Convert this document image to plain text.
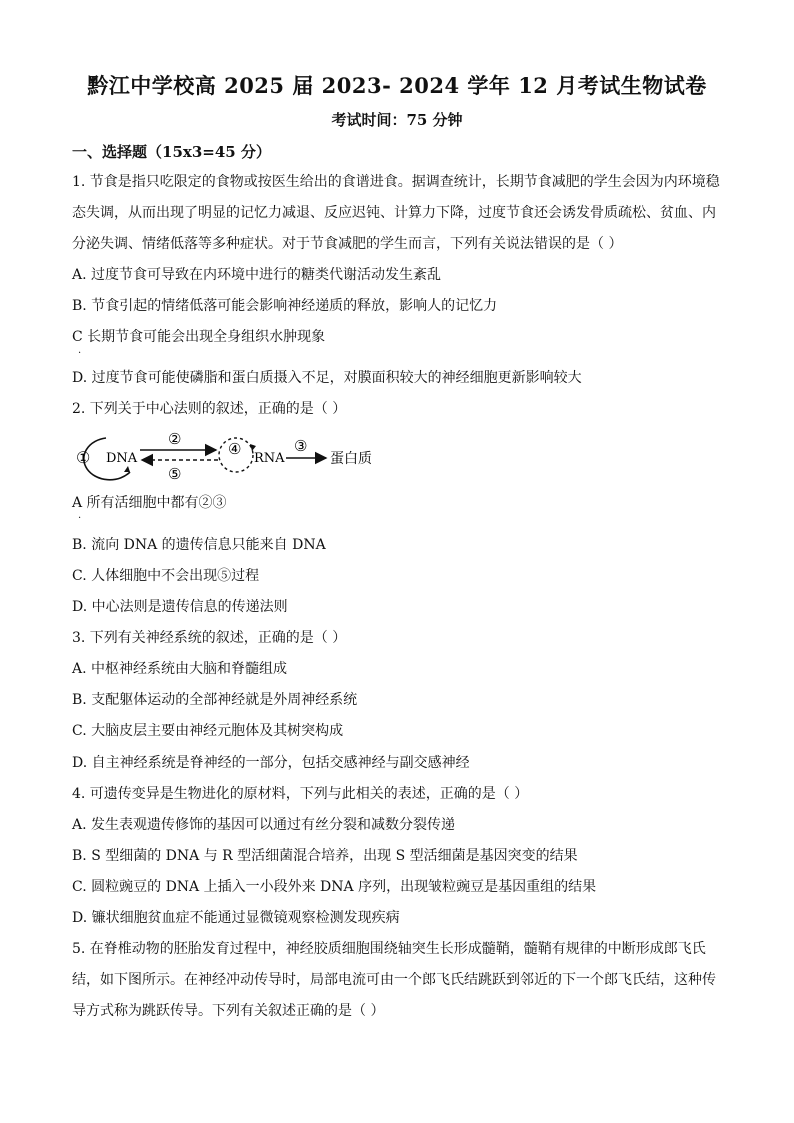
黔江中学校高 2025 届 2023- 2024 学年 12 月考试生物试卷
考试时间：75 分钟
一、选择题（15x3=45 分）
1. 节食是指只吃限定的食物或按医生给出的食谱进食。据调查统计，长期节食减肥的学生会因为内环境稳
态失调，从而出现了明显的记忆力减退、反应迟钝、计算力下降，过度节食还会诱发骨质疏松、贫血、内
分泌失调、情绪低落等多种症状。对于节食减肥的学生而言，下列有关说法错误的是（ ）
A. 过度节食可导致在内环境中进行的糖类代谢活动发生紊乱
B. 节食引起的情绪低落可能会影响神经递质的释放，影响人的记忆力
C 长期节食可能会出现全身组织水肿现象
.
D. 过度节食可能使磷脂和蛋白质摄入不足，对膜面积较大的神经细胞更新影响较大
2. 下列关于中心法则的叙述，正确的是（ ）
① DNA
②
⑤
④
RNA
③
蛋白质
A 所有活细胞中都有②③
.
B. 流向 DNA 的遗传信息只能来自 DNA
C. 人体细胞中不会出现⑤过程
D. 中心法则是遗传信息的传递法则
3. 下列有关神经系统的叙述，正确的是（ ）
A. 中枢神经系统由大脑和脊髓组成
B. 支配躯体运动的全部神经就是外周神经系统
C. 大脑皮层主要由神经元胞体及其树突构成
D. 自主神经系统是脊神经的一部分，包括交感神经与副交感神经
4. 可遗传变异是生物进化的原材料，下列与此相关的表述，正确的是（ ）
A. 发生表观遗传修饰的基因可以通过有丝分裂和减数分裂传递
B. S 型细菌的 DNA 与 R 型活细菌混合培养，出现 S 型活细菌是基因突变的结果
C. 圆粒豌豆的 DNA 上插入一小段外来 DNA 序列，出现皱粒豌豆是基因重组的结果
D. 镰状细胞贫血症不能通过显微镜观察检测发现疾病
5. 在脊椎动物的胚胎发育过程中，神经胶质细胞围绕轴突生长形成髓鞘，髓鞘有规律的中断形成郎飞氏
结，如下图所示。在神经冲动传导时，局部电流可由一个郎飞氏结跳跃到邻近的下一个郎飞氏结，这种传
导方式称为跳跃传导。下列有关叙述正确的是（ ）
